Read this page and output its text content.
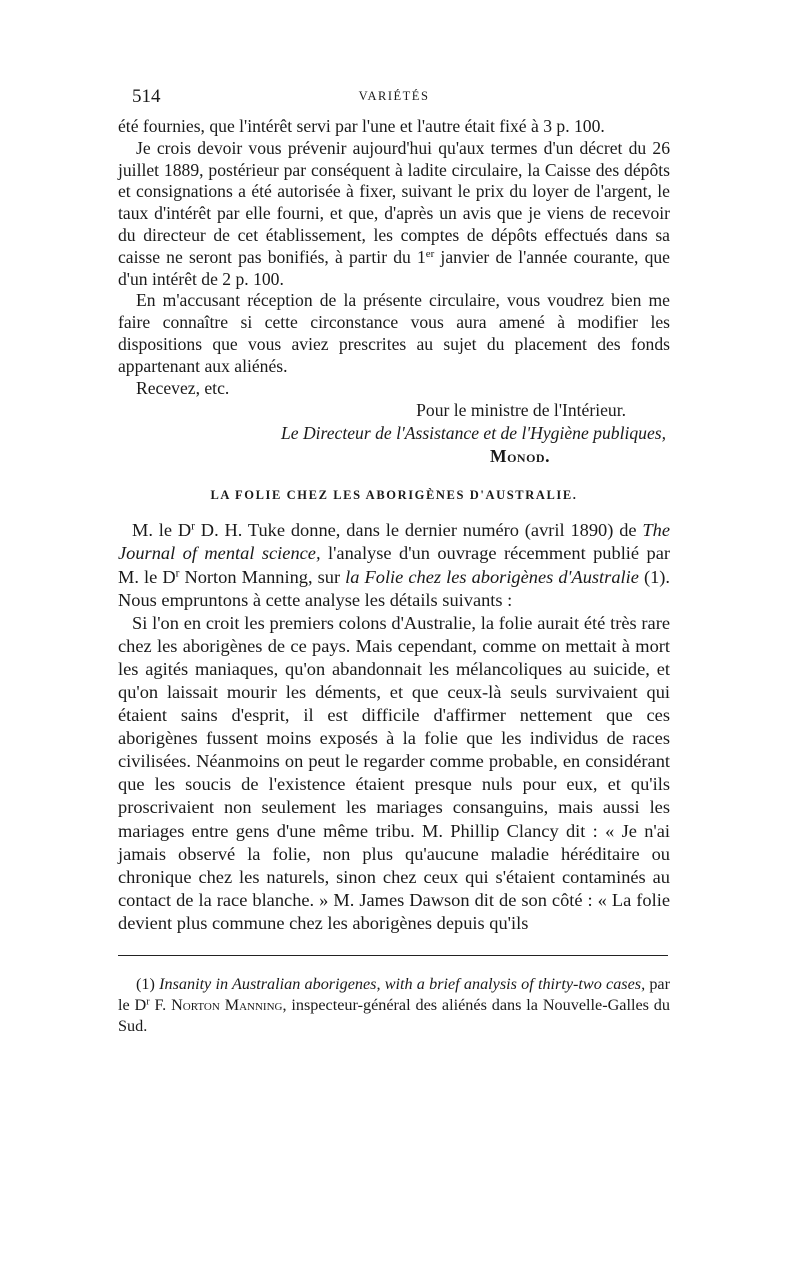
514	VARIÉTÉS

été fournies, que l'intérêt servi par l'une et l'autre était fixé à 3 p. 100.

Je crois devoir vous prévenir aujourd'hui qu'aux termes d'un décret du 26 juillet 1889, postérieur par conséquent à ladite circulaire, la Caisse des dépôts et consignations a été autorisée à fixer, suivant le prix du loyer de l'argent, le taux d'intérêt par elle fourni, et que, d'après un avis que je viens de recevoir du directeur de cet établissement, les comptes de dépôts effectués dans sa caisse ne seront pas bonifiés, à partir du 1er janvier de l'année courante, que d'un intérêt de 2 p. 100.

En m'accusant réception de la présente circulaire, vous voudrez bien me faire connaître si cette circonstance vous aura amené à modifier les dispositions que vous aviez prescrites au sujet du placement des fonds appartenant aux aliénés.

Recevez, etc.

Pour le ministre de l'Intérieur.

Le Directeur de l'Assistance et de l'Hygiène publiques,

Monod.

LA FOLIE CHEZ LES ABORIGÈNES D'AUSTRALIE.

M. le $D^r$ D. H. Tuke donne, dans le dernier numéro (avril 1890) de The Journal of mental science, l'analyse d'un ouvrage récemment publié par M. le $D^r$ Norton Manning, sur la Folie chez les aborigènes d'Australie (1). Nous empruntons à cette analyse les détails suivants :

Si l'on en croit les premiers colons d'Australie, la folie aurait été très rare chez les aborigènes de ce pays. Mais cependant, comme on mettait à mort les agités maniaques, qu'on abandonnait les mélancoliques au suicide, et qu'on laissait mourir les déments, et que ceux-là seuls survivaient qui étaient sains d'esprit, il est difficile d'affirmer nettement que ces aborigènes fussent moins exposés à la folie que les individus de races civilisées. Néanmoins on peut le regarder comme probable, en considérant que les soucis de l'existence étaient presque nuls pour eux, et qu'ils proscrivaient non seulement les mariages consanguins, mais aussi les mariages entre gens d'une même tribu. M. Phillip Clancy dit : « Je n'ai jamais observé la folie, non plus qu'aucune maladie héréditaire ou chronique chez les naturels, sinon chez ceux qui s'étaient contaminés au contact de la race blanche. » M. James Dawson dit de son côté : « La folie devient plus commune chez les aborigènes depuis qu'ils

(1) Insanity in Australian aborigenes, with a brief analysis of thirty-two cases, par le $D^r$ F. Norton Manning, inspecteur-général des aliénés dans la Nouvelle-Galles du Sud.
